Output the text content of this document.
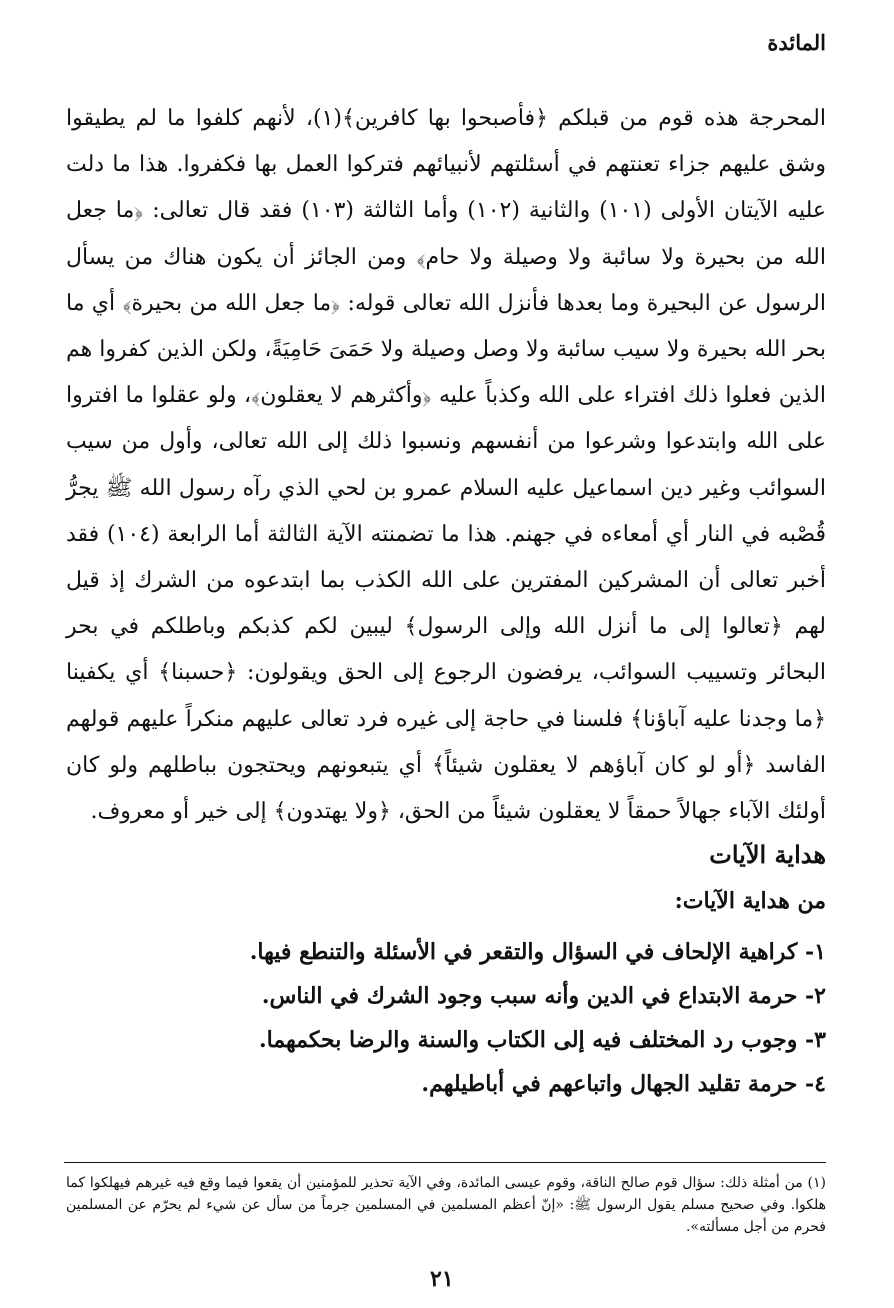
المائدة
المحرجة هذه قوم من قبلكم ﴿فأصبحوا بها كافرين﴾(١)، لأنهم كلفوا ما لم يطيقوا وشق عليهم جزاء تعنتهم في أسئلتهم لأنبيائهم فتركوا العمل بها فكفروا. هذا ما دلت عليه الآيتان الأولى (١٠١) والثانية (١٠٢) وأما الثالثة (١٠٣) فقد قال تعالى: ﴿ما جعل الله من بحيرة ولا سائبة ولا وصيلة ولا حام﴾ ومن الجائز أن يكون هناك من يسأل الرسول عن البحيرة وما بعدها فأنزل الله تعالى قوله: ﴿ما جعل الله من بحيرة﴾ أي ما بحر الله بحيرة ولا سيب سائبة ولا وصل وصيلة ولا حَمَىَ حَامِيَةً، ولكن الذين كفروا هم الذين فعلوا ذلك افتراء على الله وكذباً عليه ﴿وأكثرهم لا يعقلون﴾، ولو عقلوا ما افتروا على الله وابتدعوا وشرعوا من أنفسهم ونسبوا ذلك إلى الله تعالى، وأول من سيب السوائب وغير دين اسماعيل عليه السلام عمرو بن لحي الذي رآه رسول الله ﷺ يجرُّ قُصْبه في النار أي أمعاءه في جهنم. هذا ما تضمنته الآية الثالثة أما الرابعة (١٠٤) فقد أخبر تعالى أن المشركين المفترين على الله الكذب بما ابتدعوه من الشرك إذ قيل لهم ﴿تعالوا إلى ما أنزل الله وإلى الرسول﴾ ليبين لكم كذبكم وباطلكم في بحر البحائر وتسييب السوائب، يرفضون الرجوع إلى الحق ويقولون: ﴿حسبنا﴾ أي يكفينا ﴿ما وجدنا عليه آباؤنا﴾ فلسنا في حاجة إلى غيره فرد تعالى عليهم منكراً عليهم قولهم الفاسد ﴿أو لو كان آباؤهم لا يعقلون شيئاً﴾ أي يتبعونهم ويحتجون بباطلهم ولو كان أولئك الآباء جهالاً حمقاً لا يعقلون شيئاً من الحق، ﴿ولا يهتدون﴾ إلى خير أو معروف.
هداية الآيات
من هداية الآيات:
١- كراهية الإلحاف في السؤال والتقعر في الأسئلة والتنطع فيها.
٢- حرمة الابتداع في الدين وأنه سبب وجود الشرك في الناس.
٣- وجوب رد المختلف فيه إلى الكتاب والسنة والرضا بحكمهما.
٤- حرمة تقليد الجهال واتباعهم في أباطيلهم.
(١) من أمثلة ذلك: سؤال قوم صالح الناقة، وقوم عيسى المائدة، وفي الآية تحذير للمؤمنين أن يقعوا فيما وقع فيه غيرهم فيهلكوا كما هلكوا. وفي صحيح مسلم يقول الرسول ﷺ: «إنّ أعظم المسلمين في المسلمين جرماً من سأل عن شيء لم يحرّم عن المسلمين فحرم من أجل مسألته».
٢١
